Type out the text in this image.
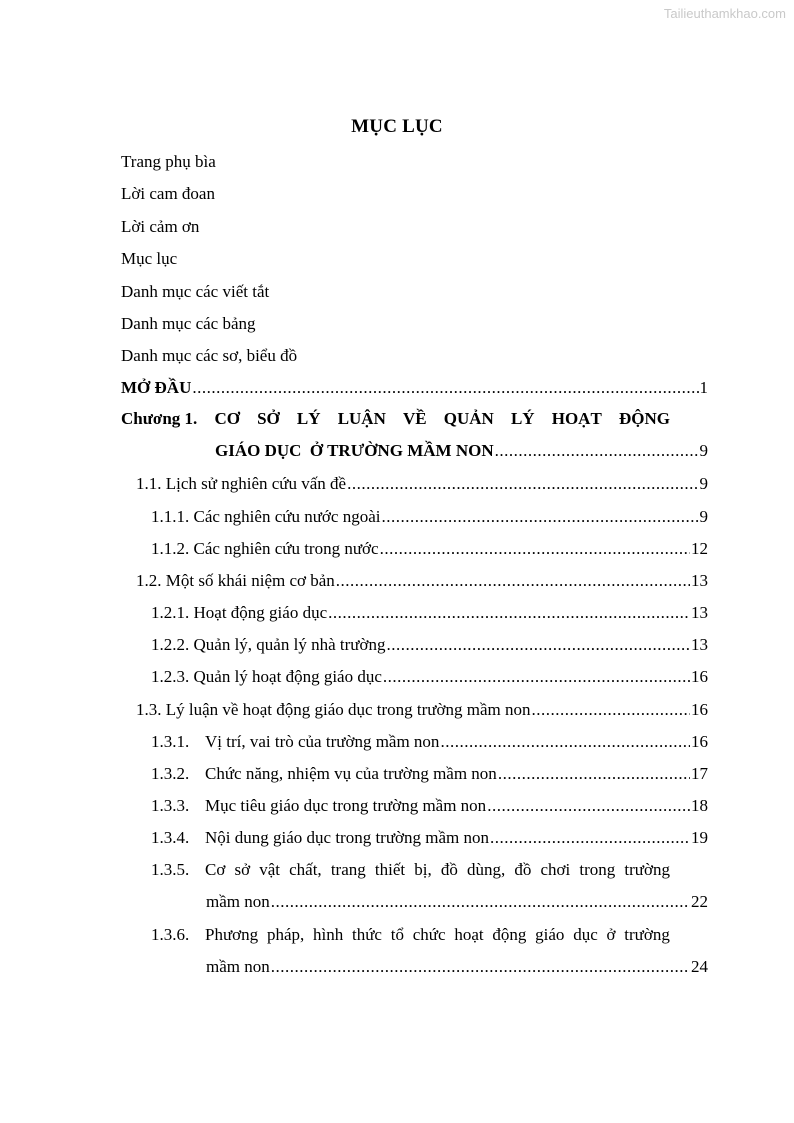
Tailieuthamkhao.com
MỤC LỤC
Trang phụ bìa
Lời cam đoan
Lời cảm ơn
Mục lục
Danh mục các viết tắt
Danh mục các bảng
Danh mục các sơ, biểu đồ
MỞ ĐẦU .....	1
Chương 1. CƠ SỞ LÝ LUẬN VỀ QUẢN LÝ HOẠT ĐỘNG
GIÁO DỤC  Ở TRƯỜNG MẦM NON .....	9
1.1. Lịch sử nghiên cứu vấn đề .....	9
1.1.1. Các nghiên cứu nước ngoài .....	9
1.1.2. Các nghiên cứu trong nước .....	12
1.2. Một số khái niệm cơ bản .....	13
1.2.1. Hoạt động giáo dục .....	13
1.2.2. Quản lý, quản lý nhà trường .....	13
1.2.3. Quản lý hoạt động giáo dục .....	16
1.3. Lý luận về hoạt động giáo dục trong trường mầm non .....	16
1.3.1. Vị trí, vai trò của trường mầm non .....	16
1.3.2. Chức năng, nhiệm vụ của trường mầm non .....	17
1.3.3. Mục tiêu giáo dục trong trường mầm non .....	18
1.3.4. Nội dung giáo dục trong trường mầm non .....	19
1.3.5. Cơ sở vật chất, trang thiết bị, đồ dùng, đồ chơi trong trường
mầm non .....	22
1.3.6. Phương pháp, hình thức tổ chức hoạt động giáo dục ở trường
mầm non .....	24
